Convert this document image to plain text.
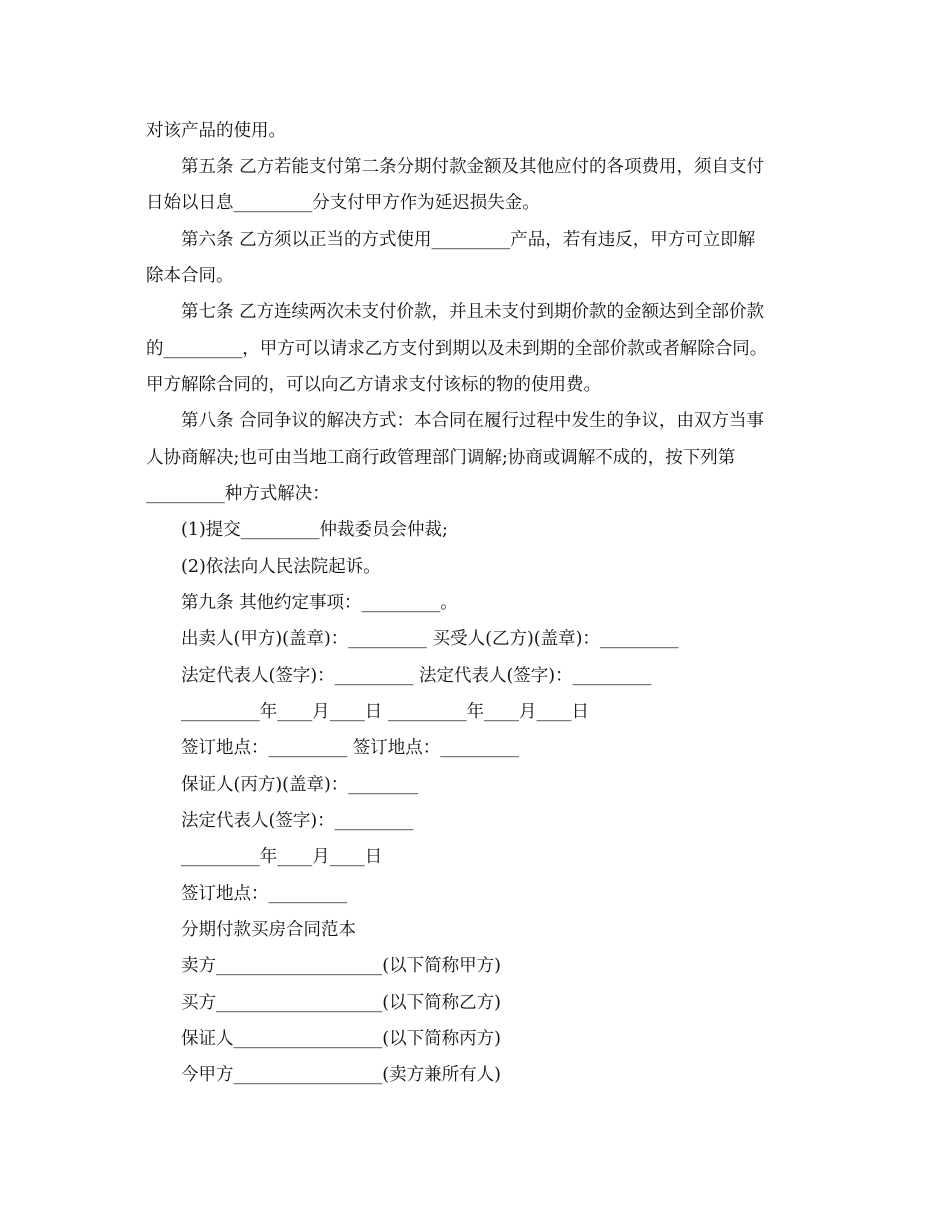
对该产品的使用。
第五条 乙方若能支付第二条分期付款金额及其他应付的各项费用，须自支付
日始以日息_________分支付甲方作为延迟损失金。
第六条 乙方须以正当的方式使用_________产品，若有违反，甲方可立即解
除本合同。
第七条 乙方连续两次未支付价款，并且未支付到期价款的金额达到全部价款
的_________，甲方可以请求乙方支付到期以及未到期的全部价款或者解除合同。
甲方解除合同的，可以向乙方请求支付该标的物的使用费。
第八条 合同争议的解决方式：本合同在履行过程中发生的争议，由双方当事
人协商解决;也可由当地工商行政管理部门调解;协商或调解不成的，按下列第
_________种方式解决：
(1)提交_________仲裁委员会仲裁;
(2)依法向人民法院起诉。
第九条 其他约定事项：_________。
出卖人(甲方)(盖章)：_________ 买受人(乙方)(盖章)：_________
法定代表人(签字)：_________ 法定代表人(签字)：_________
_________年____月____日 _________年____月____日
签订地点：_________ 签订地点：_________
保证人(丙方)(盖章)：________
法定代表人(签字)：_________
_________年____月____日
签订地点：_________
分期付款买房合同范本
卖方___________________(以下简称甲方)
买方___________________(以下简称乙方)
保证人_________________(以下简称丙方)
今甲方_________________(卖方兼所有人)
